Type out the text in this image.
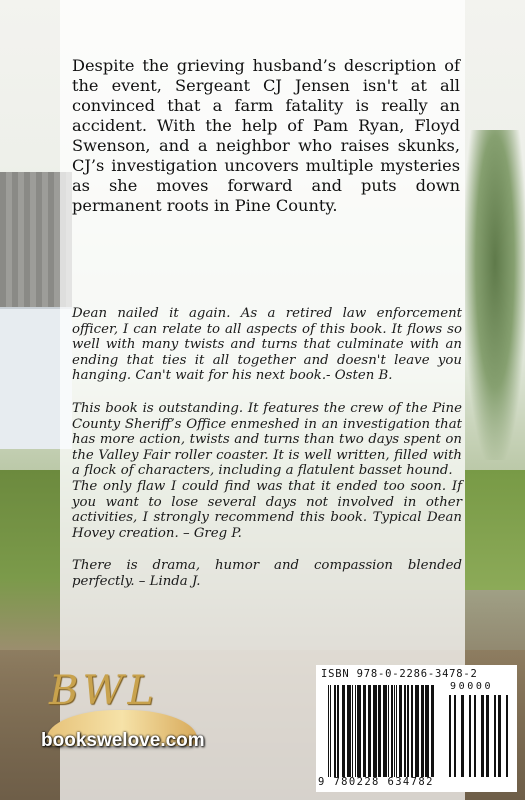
Despite the grieving husband’s description of the event, Sergeant CJ Jensen isn't at all convinced that a farm fatality is really an accident. With the help of Pam Ryan, Floyd Swenson, and a neighbor who raises skunks, CJ’s investigation uncovers multiple mysteries as she moves forward and puts down permanent roots in Pine County.

Dean nailed it again. As a retired law enforcement officer, I can relate to all aspects of this book. It flows so well with many twists and turns that culminate with an ending that ties it all together and doesn't leave you hanging. Can't wait for his next book.- Osten B.

This book is outstanding. It features the crew of the Pine County Sheriff’s Office enmeshed in an investigation that has more action, twists and turns than two days spent on the Valley Fair roller coaster. It is well written, filled with a flock of characters, including a flatulent basset hound.

The only flaw I could find was that it ended too soon. If you want to lose several days not involved in other activities, I strongly recommend this book. Typical Dean Hovey creation. – Greg P.

There is drama, humor and compassion blended perfectly. – Linda J.

BWL
bookswelove.com
ISBN 978-0-2286-3478-2
90000
9 780228 634782
